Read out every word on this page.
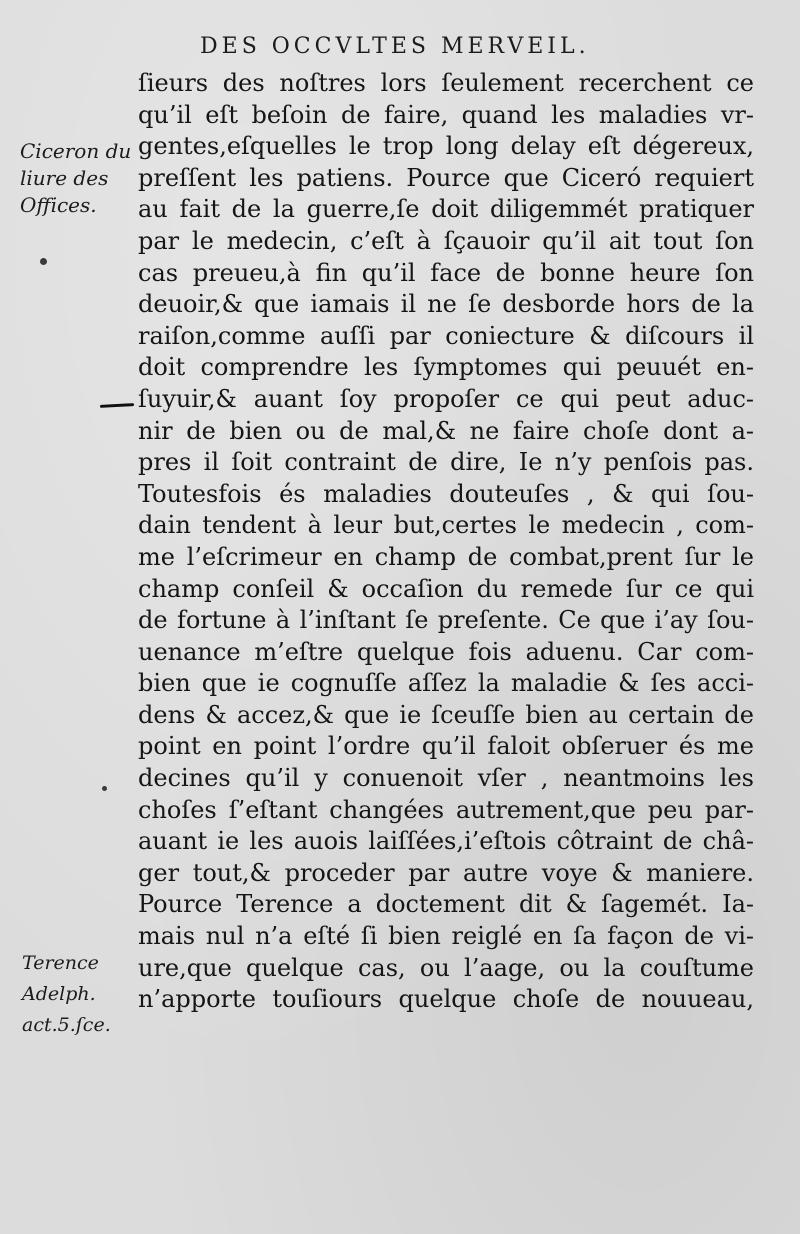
DES OCCVLTES MERVEIL.
Ciceron du
liure des
Offices.
Terence
Adelph.
act.5.ſce.
ſieurs des noſtres lors ſeulement recerchent ce
qu’il eſt beſoin de faire, quand les maladies vr-
gentes,eſquelles le trop long delay eſt dégereux,
preſſent les patiens. Pource que Ciceró requiert
au fait de la guerre,ſe doit diligemmét pratiquer
par le medecin, c’eſt à ſçauoir qu’il ait tout ſon
cas preueu,à fin qu’il face de bonne heure ſon
deuoir,& que iamais il ne ſe desborde hors de la
raiſon,comme auſſi par coniecture & diſcours il
doit comprendre les ſymptomes qui peuuét en-
ſuyuir,& auant ſoy propoſer ce qui peut aduc-
nir de bien ou de mal,& ne faire choſe dont a-
pres il ſoit contraint de dire, Ie n’y penſois pas.
Toutesfois és maladies douteuſes , & qui ſou-
dain tendent à leur but,certes le medecin , com-
me l’eſcrimeur en champ de combat,prent ſur le
champ conſeil & occaſion du remede ſur ce qui
de fortune à l’inſtant ſe preſente. Ce que i’ay ſou-
uenance m’eſtre quelque fois aduenu. Car com-
bien que ie cognuſſe aſſez la maladie & ſes acci-
dens & accez,& que ie ſceuſſe bien au certain de
point en point l’ordre qu’il faloit obſeruer és me
decines qu’il y conuenoit vſer , neantmoins les
choſes ſ’eſtant changées autrement,que peu par-
auant ie les auois laiſſées,i’eſtois côtraint de châ-
ger tout,& proceder par autre voye & maniere.
Pource Terence a doctement dit & ſagemét. Ia-
mais nul n’a eſté ſi bien reiglé en ſa façon de vi-
ure,que quelque cas, ou l’aage, ou la couſtume
n’apporte touſiours quelque choſe de nouueau,
